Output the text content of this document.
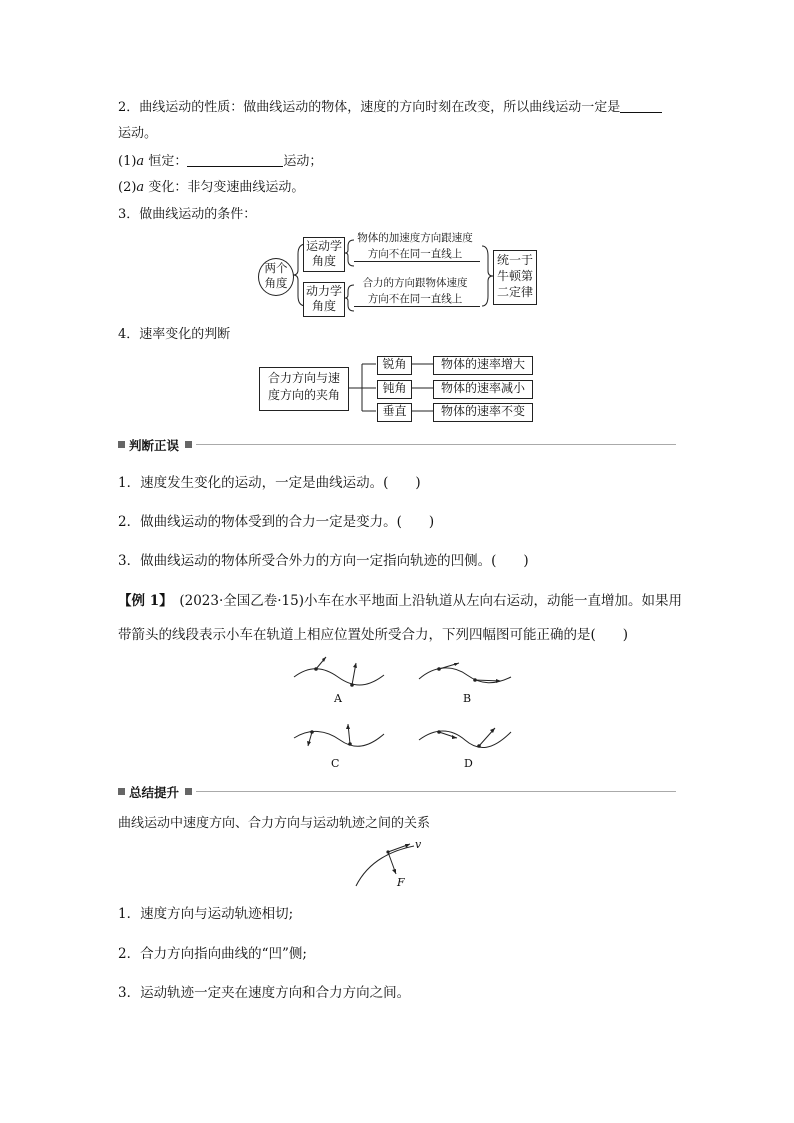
2．曲线运动的性质：做曲线运动的物体，速度的方向时刻在改变，所以曲线运动一定是
运动。
(1)a 恒定：	运动；
(2)a 变化：非匀变速曲线运动。
3．做曲线运动的条件：
两个角度
运动学角度
动力学角度
物体的加速度方向跟速度
方向不在同一直线上
合力的方向跟物体速度
方向不在同一直线上
统一于牛顿第二定律
4．速率变化的判断
合力方向与速度方向的夹角
锐角
钝角
垂直
物体的速率增大
物体的速率减小
物体的速率不变
判断正误
1．速度发生变化的运动，一定是曲线运动。(　　)
2．做曲线运动的物体受到的合力一定是变力。(　　)
3．做曲线运动的物体所受合外力的方向一定指向轨迹的凹侧。(　　)
【例 1】　(2023·全国乙卷·15)小车在水平地面上沿轨道从左向右运动，动能一直增加。如果用
带箭头的线段表示小车在轨道上相应位置处所受合力，下列四幅图可能正确的是(　　)
A	B
C	D
总结提升
曲线运动中速度方向、合力方向与运动轨迹之间的关系
v
F
1．速度方向与运动轨迹相切;
2．合力方向指向曲线的“凹”侧;
3．运动轨迹一定夹在速度方向和合力方向之间。
